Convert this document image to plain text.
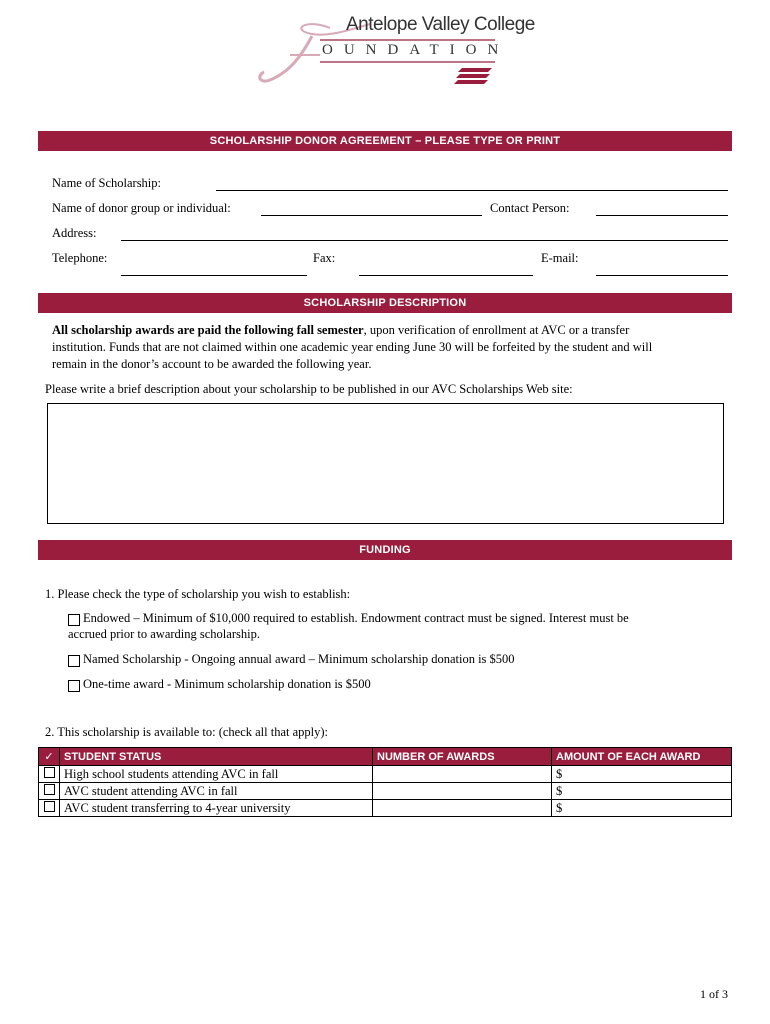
Antelope Valley College
OUNDATION
SCHOLARSHIP DONOR AGREEMENT – PLEASE TYPE OR PRINT
Name of Scholarship:
Name of donor group or individual:	Contact Person:
Address:
Telephone:	Fax:	E-mail:
SCHOLARSHIP DESCRIPTION
All scholarship awards are paid the following fall semester, upon verification of enrollment at AVC or a transfer
institution. Funds that are not claimed within one academic year ending June 30 will be forfeited by the student and will
remain in the donor’s account to be awarded the following year.
Please write a brief description about your scholarship to be published in our AVC Scholarships Web site:
FUNDING
1. Please check the type of scholarship you wish to establish:
Endowed – Minimum of $10,000 required to establish. Endowment contract must be signed. Interest must be
accrued prior to awarding scholarship.
Named Scholarship - Ongoing annual award – Minimum scholarship donation is $500
One-time award - Minimum scholarship donation is $500
2. This scholarship is available to: (check all that apply):
✓	STUDENT STATUS	NUMBER OF AWARDS	AMOUNT OF EACH AWARD
	High school students attending AVC in fall		$
	AVC student attending AVC in fall		$
	AVC student transferring to 4-year university		$
1 of 3
